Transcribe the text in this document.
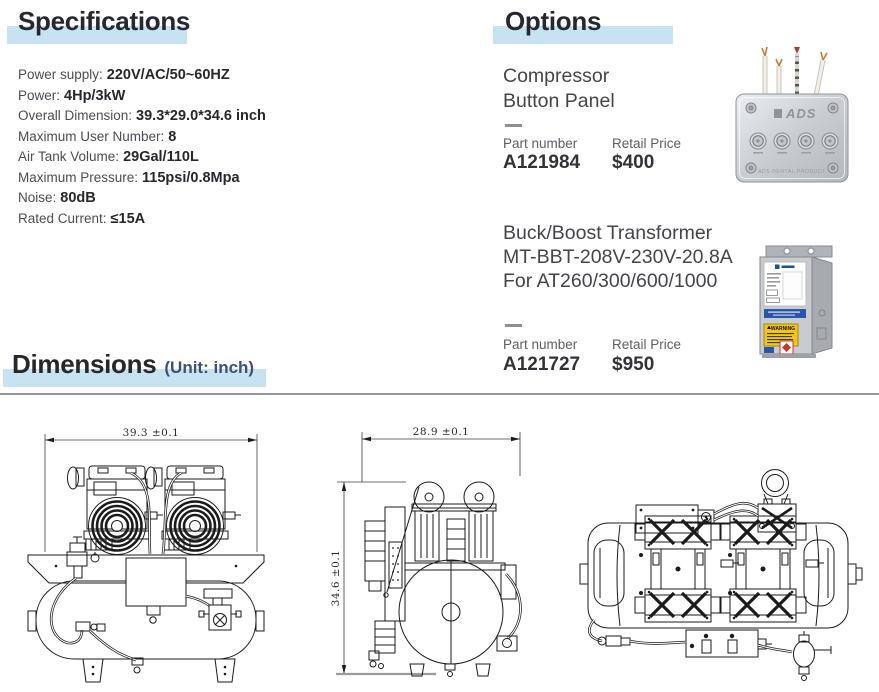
Specifications
Power supply: 220V/AC/50~60HZ
Power: 4Hp/3kW
Overall Dimension: 39.3*29.0*34.6 inch
Maximum User Number: 8
Air Tank Volume: 29Gal/110L
Maximum Pressure: 115psi/0.8Mpa
Noise: 80dB
Rated Current: ≤15A
Options
Compressor
Button Panel
Part number	Retail Price
A121984 $400
ADS
ADS DENTAL PRODUCT
Buck/Boost Transformer
MT-BBT-208V-230V-20.8A
For AT260/300/600/1000
Part number	Retail Price
A121727 $950
WARNING
Dimensions (Unit: inch)
39.3 ±0.1	28.9 ±0.1
34.6 ±0.1
